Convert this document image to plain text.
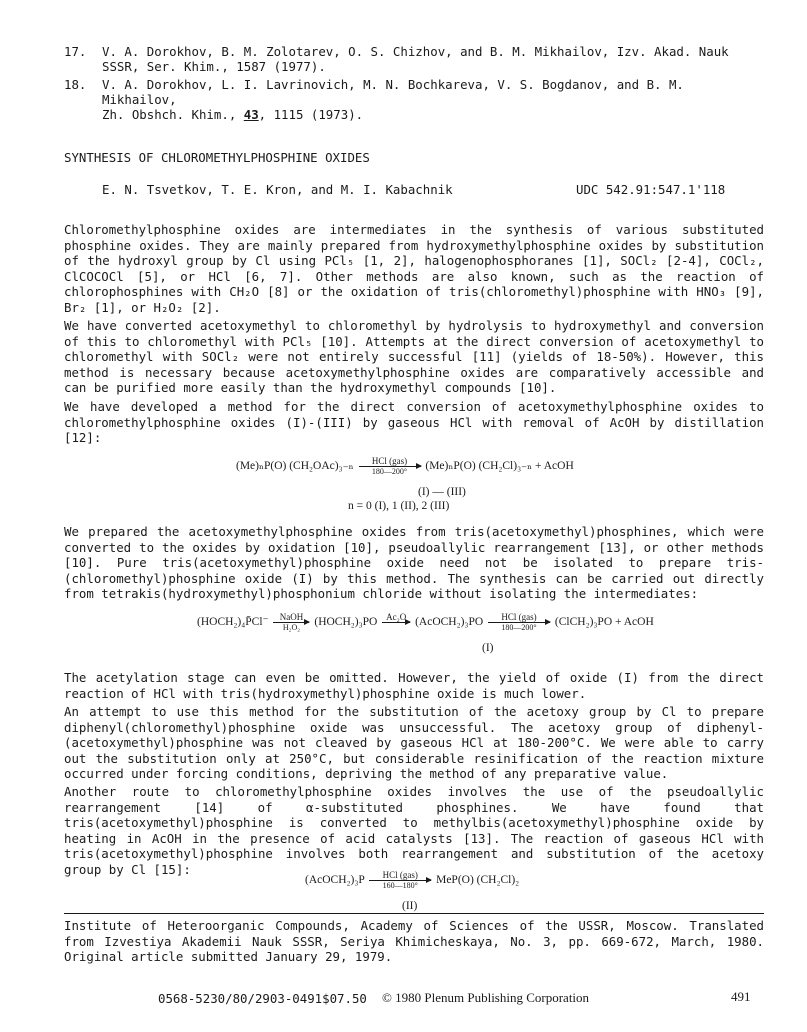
17. V. A. Dorokhov, B. M. Zolotarev, O. S. Chizhov, and B. M. Mikhailov, Izv. Akad. Nauk
SSSR, Ser. Khim., 1587 (1977).
18. V. A. Dorokhov, L. I. Lavrinovich, M. N. Bochkareva, V. S. Bogdanov, and B. M. Mikhailov,
Zh. Obshch. Khim., 43, 1115 (1973).
SYNTHESIS OF CHLOROMETHYLPHOSPHINE OXIDES
E. N. Tsvetkov, T. E. Kron, and M. I. Kabachnik	UDC 542.91:547.1'118

Chloromethylphosphine oxides are intermediates in the synthesis of various substituted phosphine oxides. They are mainly prepared from hydroxymethylphosphine oxides by substitution of the hydroxyl group by Cl using PCl₅ [1, 2], halogenophosphoranes [1], SOCl₂ [2-4], COCl₂, ClCOCOCl [5], or HCl [6, 7]. Other methods are also known, such as the reaction of chlorophosphines with CH₂O [8] or the oxidation of tris(chloromethyl)phosphine with HNO₃ [9], Br₂ [1], or H₂O₂ [2].

We have converted acetoxymethyl to chloromethyl by hydrolysis to hydroxymethyl and conversion of this to chloromethyl with PCl₅ [10]. Attempts at the direct conversion of acetoxymethyl to chloromethyl with SOCl₂ were not entirely successful [11] (yields of 18-50%). However, this method is necessary because acetoxymethylphosphine oxides are comparatively accessible and can be purified more easily than the hydroxymethyl compounds [10].

We have developed a method for the direct conversion of acetoxymethylphosphine oxides to chloromethylphosphine oxides (I)-(III) by gaseous HCl with removal of AcOH by distillation [12]:

(Me)ₙP(O) (CH₂OAc)₃₋ₙ	HCl (gas)
180—200°	(Me)ₙP(O) (CH₂Cl)₃₋ₙ + AcOH
(I) — (III)
n = 0 (I), 1 (II), 2 (III)

We prepared the acetoxymethylphosphine oxides from tris(acetoxymethyl)phosphines, which were converted to the oxides by oxidation [10], pseudoallylic rearrangement [13], or other methods [10]. Pure tris(acetoxymethyl)phosphine oxide need not be isolated to prepare tris-(chloromethyl)phosphine oxide (I) by this method. The synthesis can be carried out directly from tetrakis(hydroxymethyl)phosphonium chloride without isolating the intermediates:

(HOCH₂)₄P̄Cl⁻	NaOH
H₂O₂	(HOCH₂)₃PO Ac₂O
(AcOCH₂)₃PO	HCl (gas)
180—200°	(ClCH₂)₃PO + AcOH
(I)

The acetylation stage can even be omitted. However, the yield of oxide (I) from the direct reaction of HCl with tris(hydroxymethyl)phosphine oxide is much lower.

An attempt to use this method for the substitution of the acetoxy group by Cl to prepare diphenyl(chloromethyl)phosphine oxide was unsuccessful. The acetoxy group of diphenyl-(acetoxymethyl)phosphine was not cleaved by gaseous HCl at 180-200°C. We were able to carry out the substitution only at 250°C, but considerable resinification of the reaction mixture occurred under forcing conditions, depriving the method of any preparative value.

Another route to chloromethylphosphine oxides involves the use of the pseudoallylic rearrangement [14] of α-substituted phosphines. We have found that tris(acetoxymethyl)phosphine is converted to methylbis(acetoxymethyl)phosphine oxide by heating in AcOH in the presence of acid catalysts [13]. The reaction of gaseous HCl with tris(acetoxymethyl)phosphine involves both rearrangement and substitution of the acetoxy group by Cl [15]:

(AcOCH₂)₃P	HCl (gas)
160—180°	MeP(O) (CH₂Cl)₂
(II)

Institute of Heteroorganic Compounds, Academy of Sciences of the USSR, Moscow. Translated from Izvestiya Akademii Nauk SSSR, Seriya Khimicheskaya, No. 3, pp. 669-672, March, 1980. Original article submitted January 29, 1979.

0568-5230/80/2903-0491$07.50 © 1980 Plenum Publishing Corporation	491
